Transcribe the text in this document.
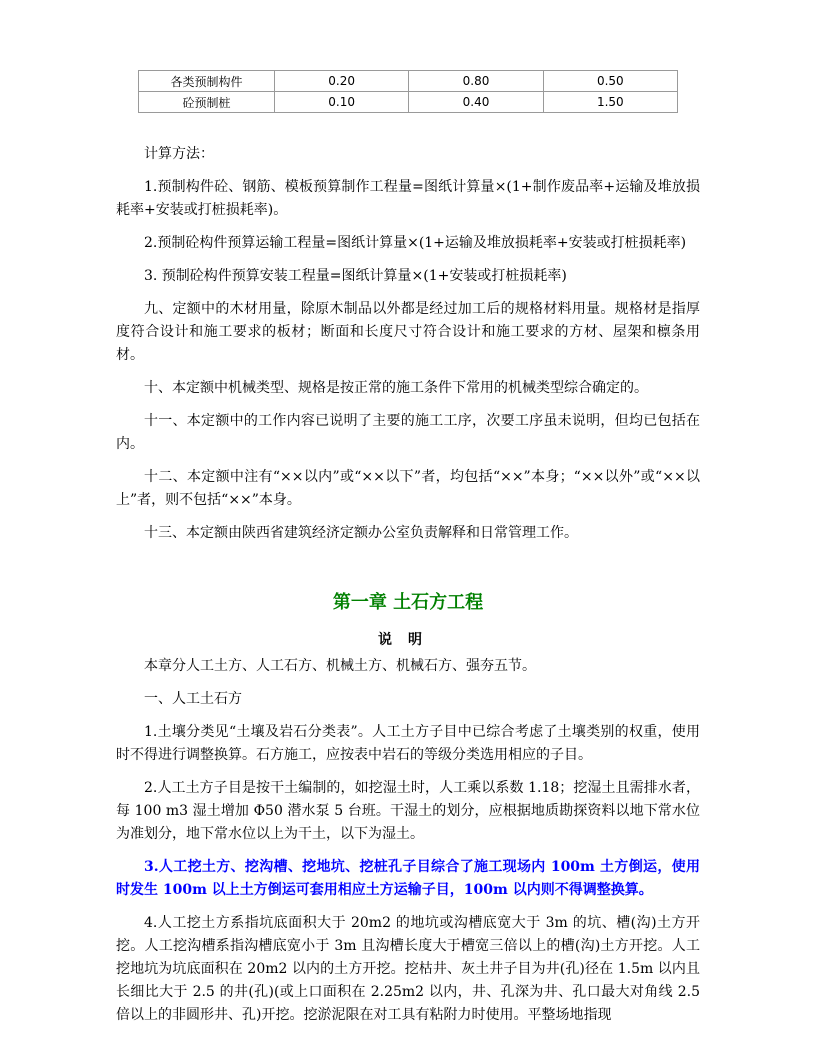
各类预制构件	0.20	0.80	0.50
砼预制桩	0.10	0.40	1.50

计算方法：

1.预制构件砼、钢筋、模板预算制作工程量=图纸计算量×(1+制作废品率+运输及堆放损耗率+安装或打桩损耗率)。

2.预制砼构件预算运输工程量=图纸计算量×(1+运输及堆放损耗率+安装或打桩损耗率)

3. 预制砼构件预算安装工程量=图纸计算量×(1+安装或打桩损耗率)

九、定额中的木材用量，除原木制品以外都是经过加工后的规格材料用量。规格材是指厚度符合设计和施工要求的板材；断面和长度尺寸符合设计和施工要求的方材、屋架和檩条用材。

十、本定额中机械类型、规格是按正常的施工条件下常用的机械类型综合确定的。

十一、本定额中的工作内容已说明了主要的施工工序，次要工序虽未说明，但均已包括在内。

十二、本定额中注有“××以内”或“××以下”者，均包括“××”本身；“××以外”或“××以上”者，则不包括“××”本身。

十三、本定额由陕西省建筑经济定额办公室负责解释和日常管理工作。

第一章 土石方工程
说明

本章分人工土方、人工石方、机械土方、机械石方、强夯五节。

一、人工土石方

1.土壤分类见“土壤及岩石分类表”。人工土方子目中已综合考虑了土壤类别的权重，使用时不得进行调整换算。石方施工，应按表中岩石的等级分类选用相应的子目。

2.人工土方子目是按干土编制的，如挖湿土时，人工乘以系数 1.18；挖湿土且需排水者，每 100 m3 湿土增加 Φ50 潜水泵 5 台班。干湿土的划分，应根据地质勘探资料以地下常水位为准划分，地下常水位以上为干土，以下为湿土。

3.人工挖土方、挖沟槽、挖地坑、挖桩孔子目综合了施工现场内 100m 土方倒运，使用时发生 100m 以上土方倒运可套用相应土方运输子目，100m 以内则不得调整换算。

4.人工挖土方系指坑底面积大于 20m2 的地坑或沟槽底宽大于 3m 的坑、槽(沟)土方开挖。人工挖沟槽系指沟槽底宽小于 3m 且沟槽长度大于槽宽三倍以上的槽(沟)土方开挖。人工挖地坑为坑底面积在 20m2 以内的土方开挖。挖枯井、灰土井子目为井(孔)径在 1.5m 以内且长细比大于 2.5 的井(孔)(或上口面积在 2.25m2 以内，井、孔深为井、孔口最大对角线 2.5 倍以上的非圆形井、孔)开挖。挖淤泥限在对工具有粘附力时使用。平整场地指现
